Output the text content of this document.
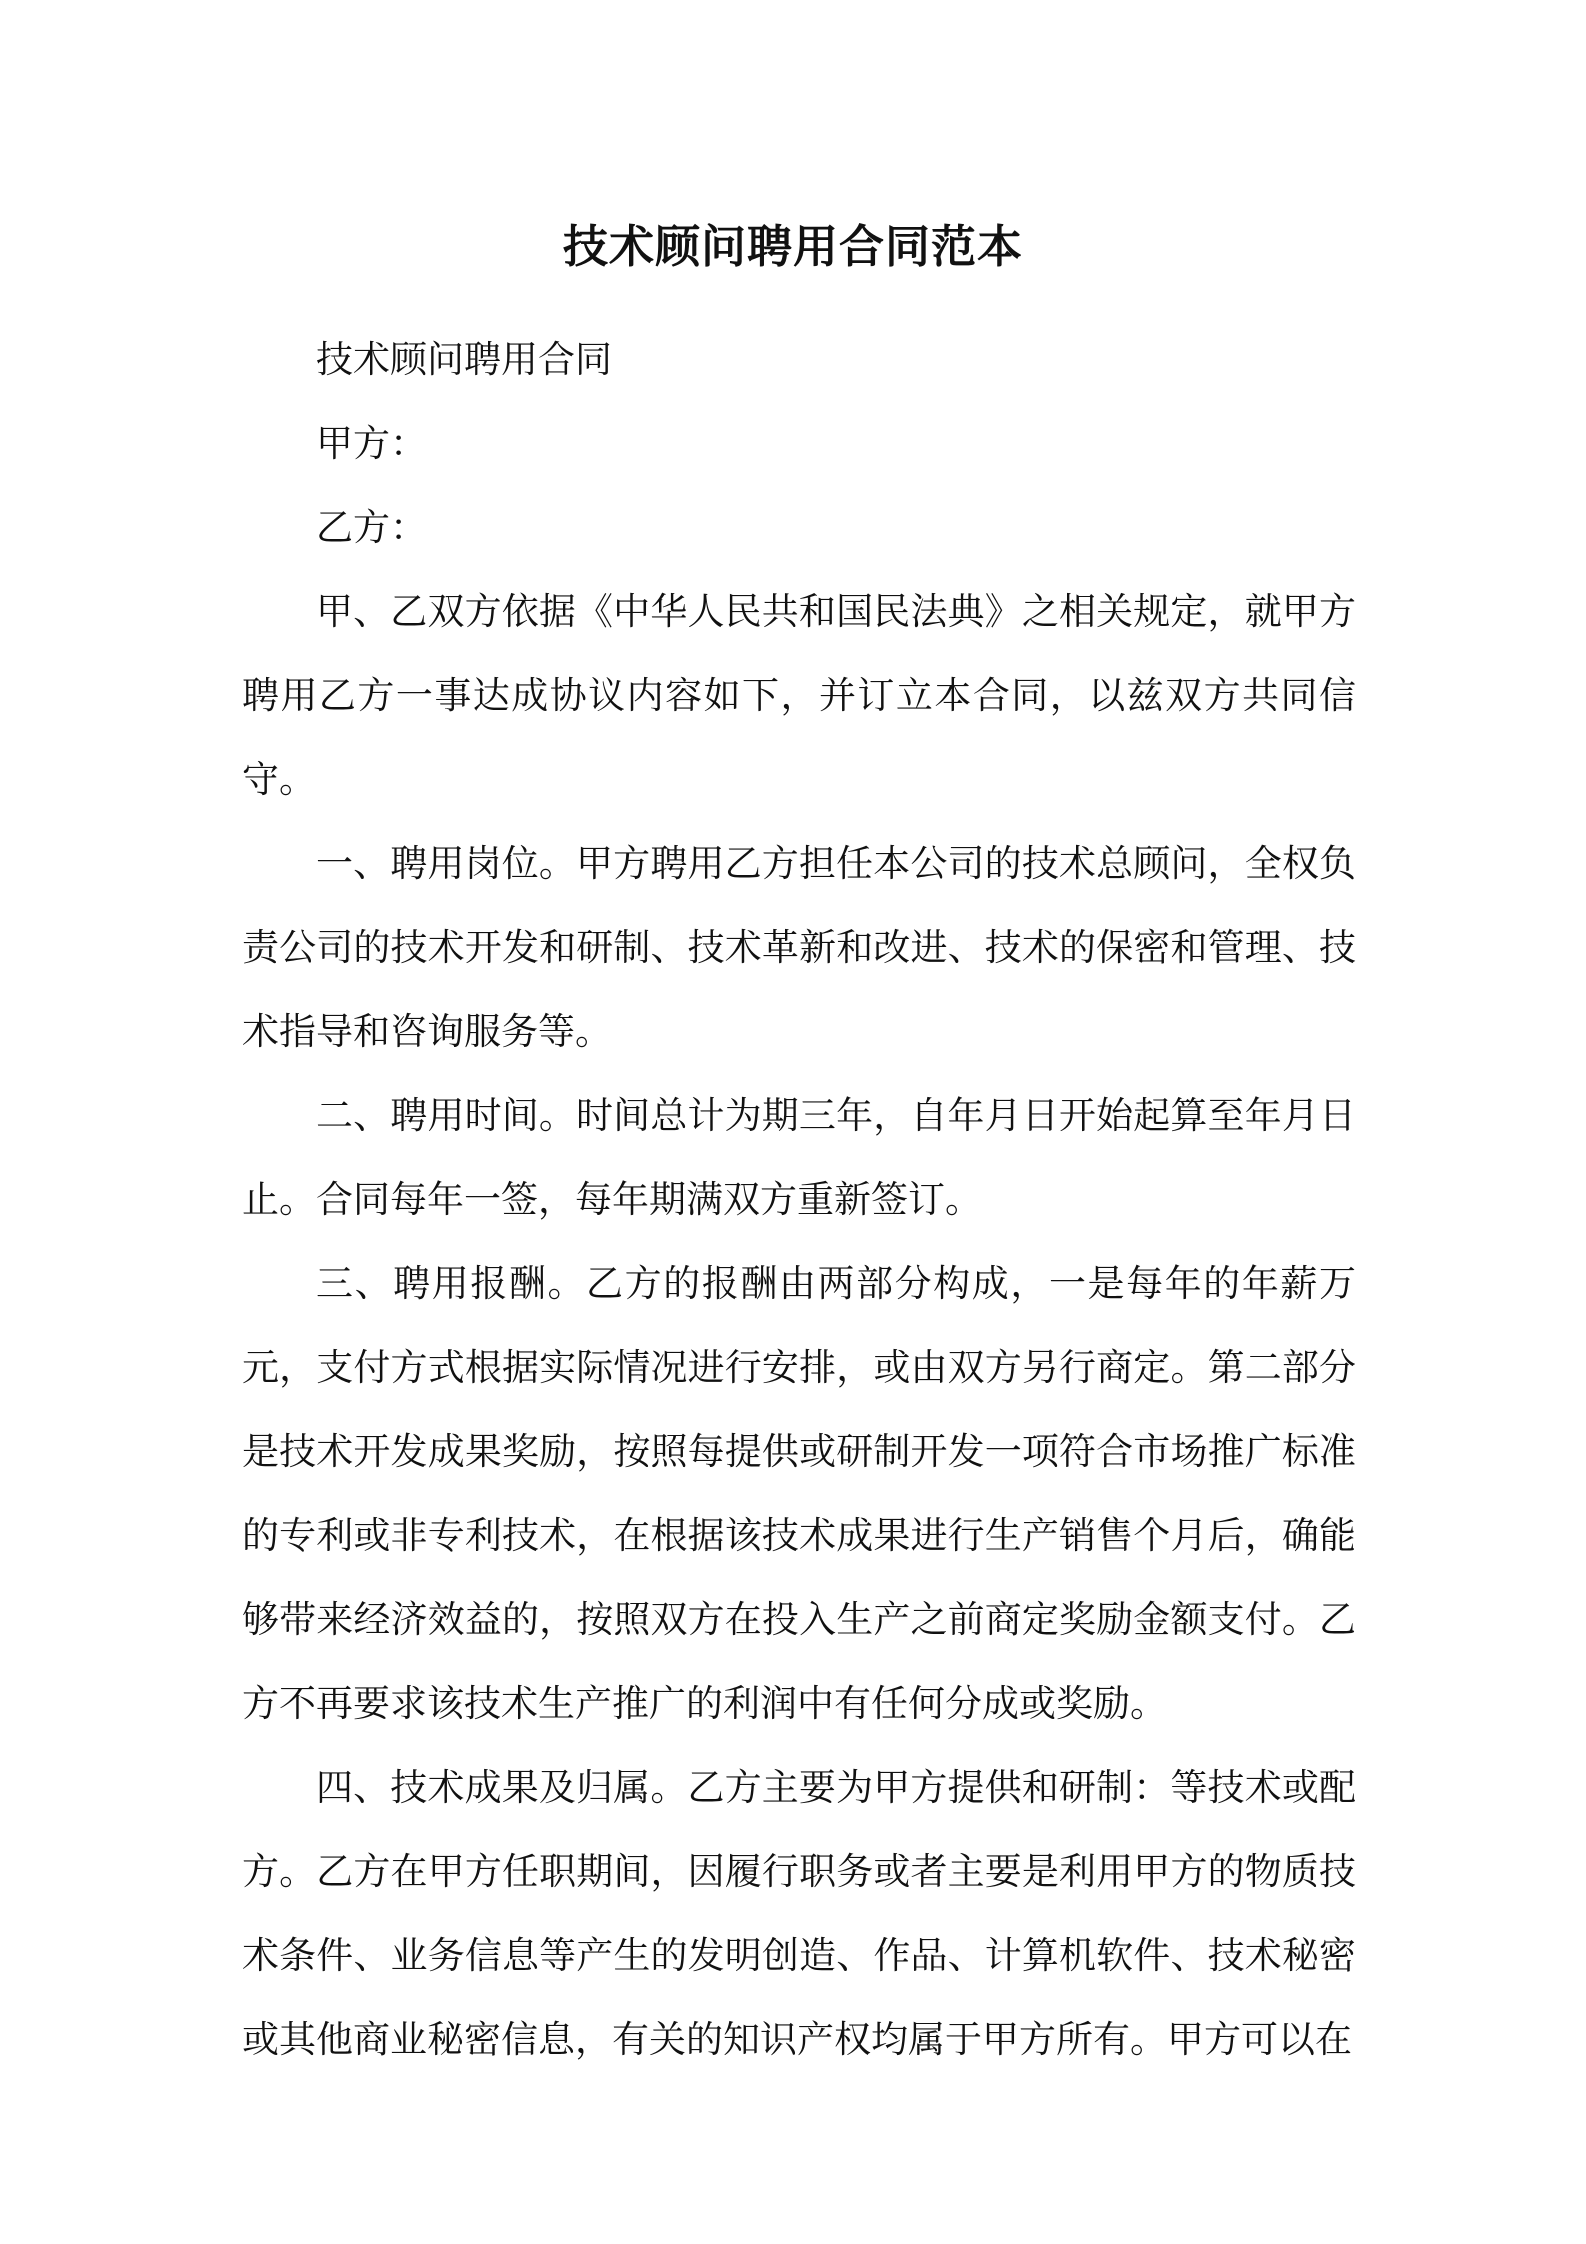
技术顾问聘用合同范本

技术顾问聘用合同

甲方：

乙方：

甲、乙双方依据《中华人民共和国民法典》之相关规定，就甲方聘用乙方一事达成协议内容如下，并订立本合同，以兹双方共同信守。

一、聘用岗位。甲方聘用乙方担任本公司的技术总顾问，全权负责公司的技术开发和研制、技术革新和改进、技术的保密和管理、技术指导和咨询服务等。

二、聘用时间。时间总计为期三年，自年月日开始起算至年月日止。合同每年一签，每年期满双方重新签订。

三、聘用报酬。乙方的报酬由两部分构成，一是每年的年薪万元，支付方式根据实际情况进行安排，或由双方另行商定。第二部分是技术开发成果奖励，按照每提供或研制开发一项符合市场推广标准的专利或非专利技术，在根据该技术成果进行生产销售个月后，确能够带来经济效益的，按照双方在投入生产之前商定奖励金额支付。乙方不再要求该技术生产推广的利润中有任何分成或奖励。

四、技术成果及归属。乙方主要为甲方提供和研制：等技术或配方。乙方在甲方任职期间，因履行职务或者主要是利用甲方的物质技术条件、业务信息等产生的发明创造、作品、计算机软件、技术秘密或其他商业秘密信息，有关的知识产权均属于甲方所有。甲方可以在
